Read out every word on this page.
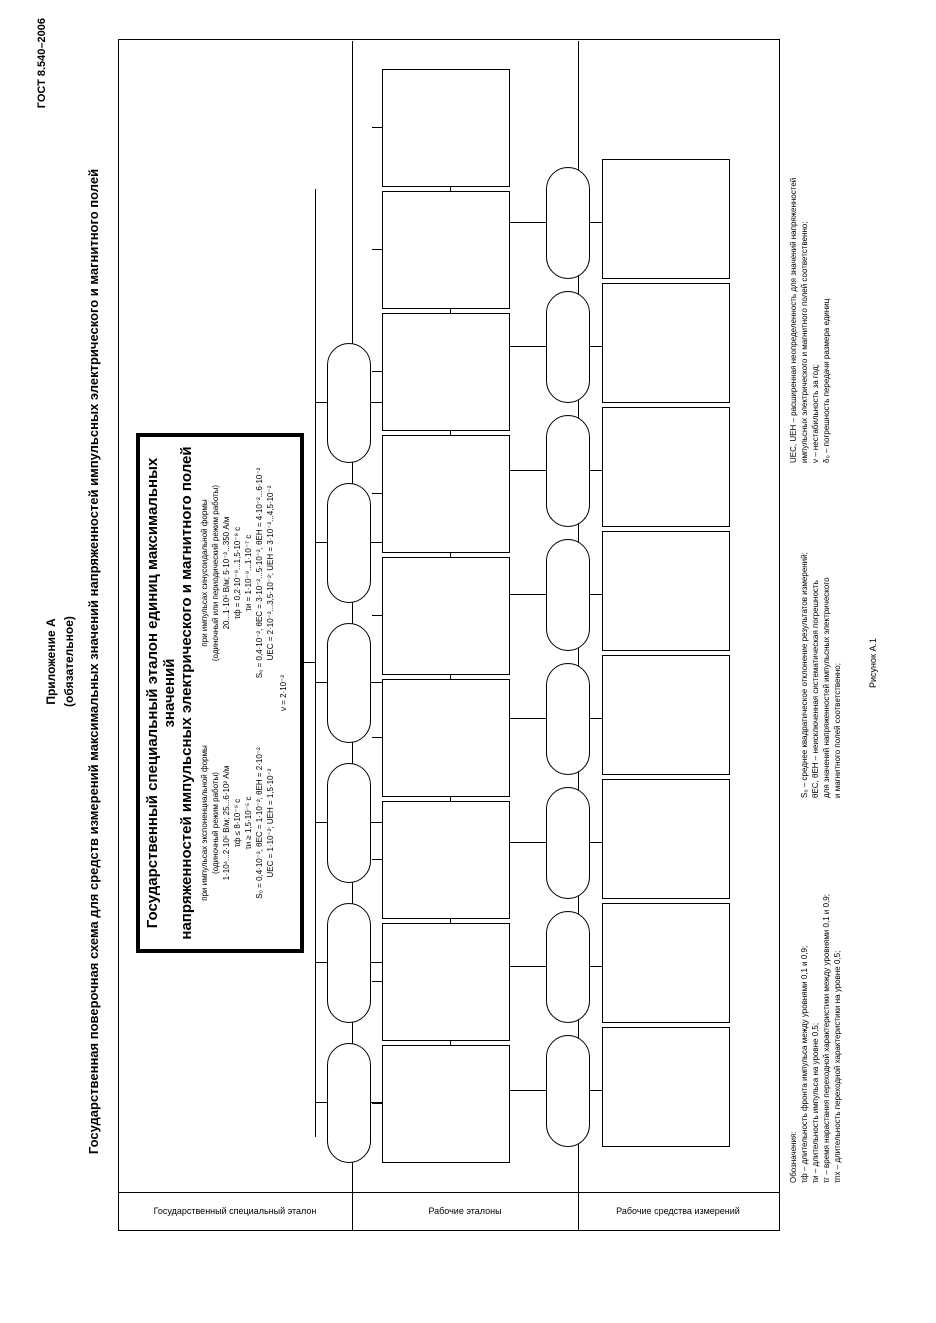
ГОСТ 8.540–2006
Приложение А (обязательное) Государственная поверочная схема для средств измерений максимальных значений напряженностей импульсных электрического и магнитного полей
Государственный специальный эталон	Рабочие эталоны	Рабочие средства измерений
Государственный специальный эталон единиц максимальных значений напряженностей импульсных электрического и магнитного полей при импульсах экспоненциальной формы (одиночный режим работы) 1·10⁴...2·10⁵ В/м; 25...6·10² А/м τф ≤ 8·10⁻⁹ с τи ≥ 1,5·10⁻⁵ с S₀ = 0,4·10⁻², θЕС = 1·10⁻², θЕН = 2·10⁻² UЕС = 1·10⁻²; UЕН = 1,5·10⁻²
при импульсах синусоидальной формы (одиночный или периодический режим работы) 20...1·10⁵ В/м; 5·10⁻²...350 А/м τф = 0,2·10⁻⁹...1,5·10⁻⁸ с τи = 1·10⁻⁹...1·10⁻⁷ с S₀ = 0,4·10⁻², θЕС = 3·10⁻²...5·10⁻², θЕН = 4·10⁻²...6·10⁻² UЕС = 2·10⁻²...3,5·10⁻²; UЕН = 3·10⁻²...4,5·10⁻²
ν = 2·10⁻²
Обозначения: τф – длительность фронта импульса между уровнями 0,1 и 0,9; τи – длительность импульса на уровне 0,5; τг – время нарастания переходной характеристики между уровнями 0,1 и 0,9; τпх – длительность переходной характеристики на уровне 0,5;
S₀ – среднее квадратическое отклонение результатов измерений; θЕС, θЕН – неисключенная систематическая погрешность для значений напряженностей импульсных электрического и магнитного полей соответственно;
UЕС, UЕН – расширенная неопределенность для значений напряженностей импульсных электрического и магнитного полей соответственно; ν – нестабильность за год; δ₀ – погрешность передачи размера единиц
Рисунок А.1
